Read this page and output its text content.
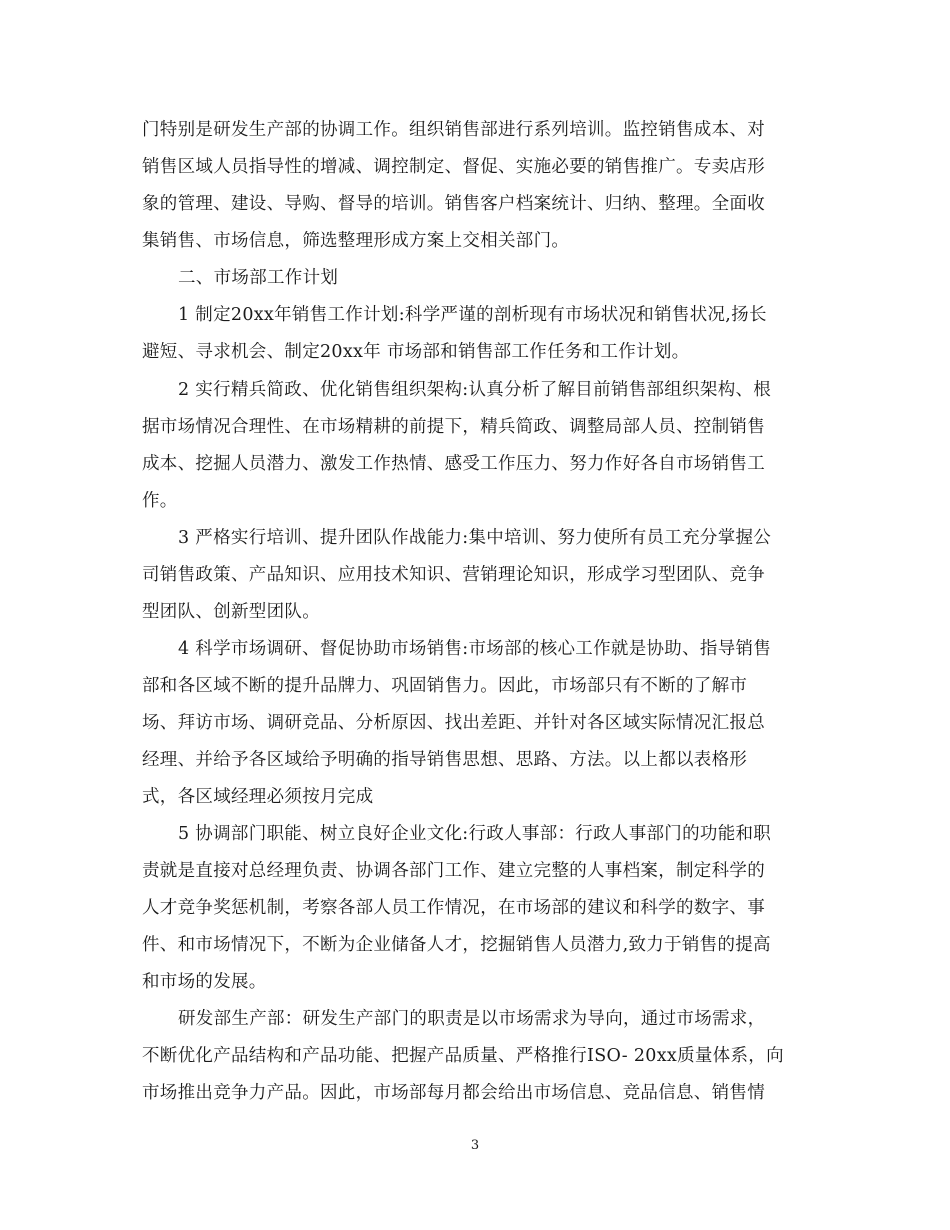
门特别是研发生产部的协调工作。组织销售部进行系列培训。监控销售成本、对
销售区域人员指导性的增减、调控制定、督促、实施必要的销售推广。专卖店形
象的管理、建设、导购、督导的培训。销售客户档案统计、归纳、整理。全面收
集销售、市场信息，筛选整理形成方案上交相关部门。
二、市场部工作计划
1 制定20xx年销售工作计划:科学严谨的剖析现有市场状况和销售状况,扬长
避短、寻求机会、制定20xx年 市场部和销售部工作任务和工作计划。
2 实行精兵简政、优化销售组织架构:认真分析了解目前销售部组织架构、根
据市场情况合理性、在市场精耕的前提下，精兵简政、调整局部人员、控制销售
成本、挖掘人员潜力、激发工作热情、感受工作压力、努力作好各自市场销售工
作。
3 严格实行培训、提升团队作战能力:集中培训、努力使所有员工充分掌握公
司销售政策、产品知识、应用技术知识、营销理论知识，形成学习型团队、竞争
型团队、创新型团队。
4 科学市场调研、督促协助市场销售:市场部的核心工作就是协助、指导销售
部和各区域不断的提升品牌力、巩固销售力。因此，市场部只有不断的了解市
场、拜访市场、调研竞品、分析原因、找出差距、并针对各区域实际情况汇报总
经理、并给予各区域给予明确的指导销售思想、思路、方法。以上都以表格形
式，各区域经理必须按月完成
5 协调部门职能、树立良好企业文化:行政人事部：行政人事部门的功能和职
责就是直接对总经理负责、协调各部门工作、建立完整的人事档案，制定科学的
人才竞争奖惩机制，考察各部人员工作情况，在市场部的建议和科学的数字、事
件、和市场情况下，不断为企业储备人才，挖掘销售人员潜力,致力于销售的提高
和市场的发展。
研发部生产部：研发生产部门的职责是以市场需求为导向，通过市场需求，
不断优化产品结构和产品功能、把握产品质量、严格推行ISO- 20xx质量体系，向
市场推出竞争力产品。因此，市场部每月都会给出市场信息、竞品信息、销售情
3
